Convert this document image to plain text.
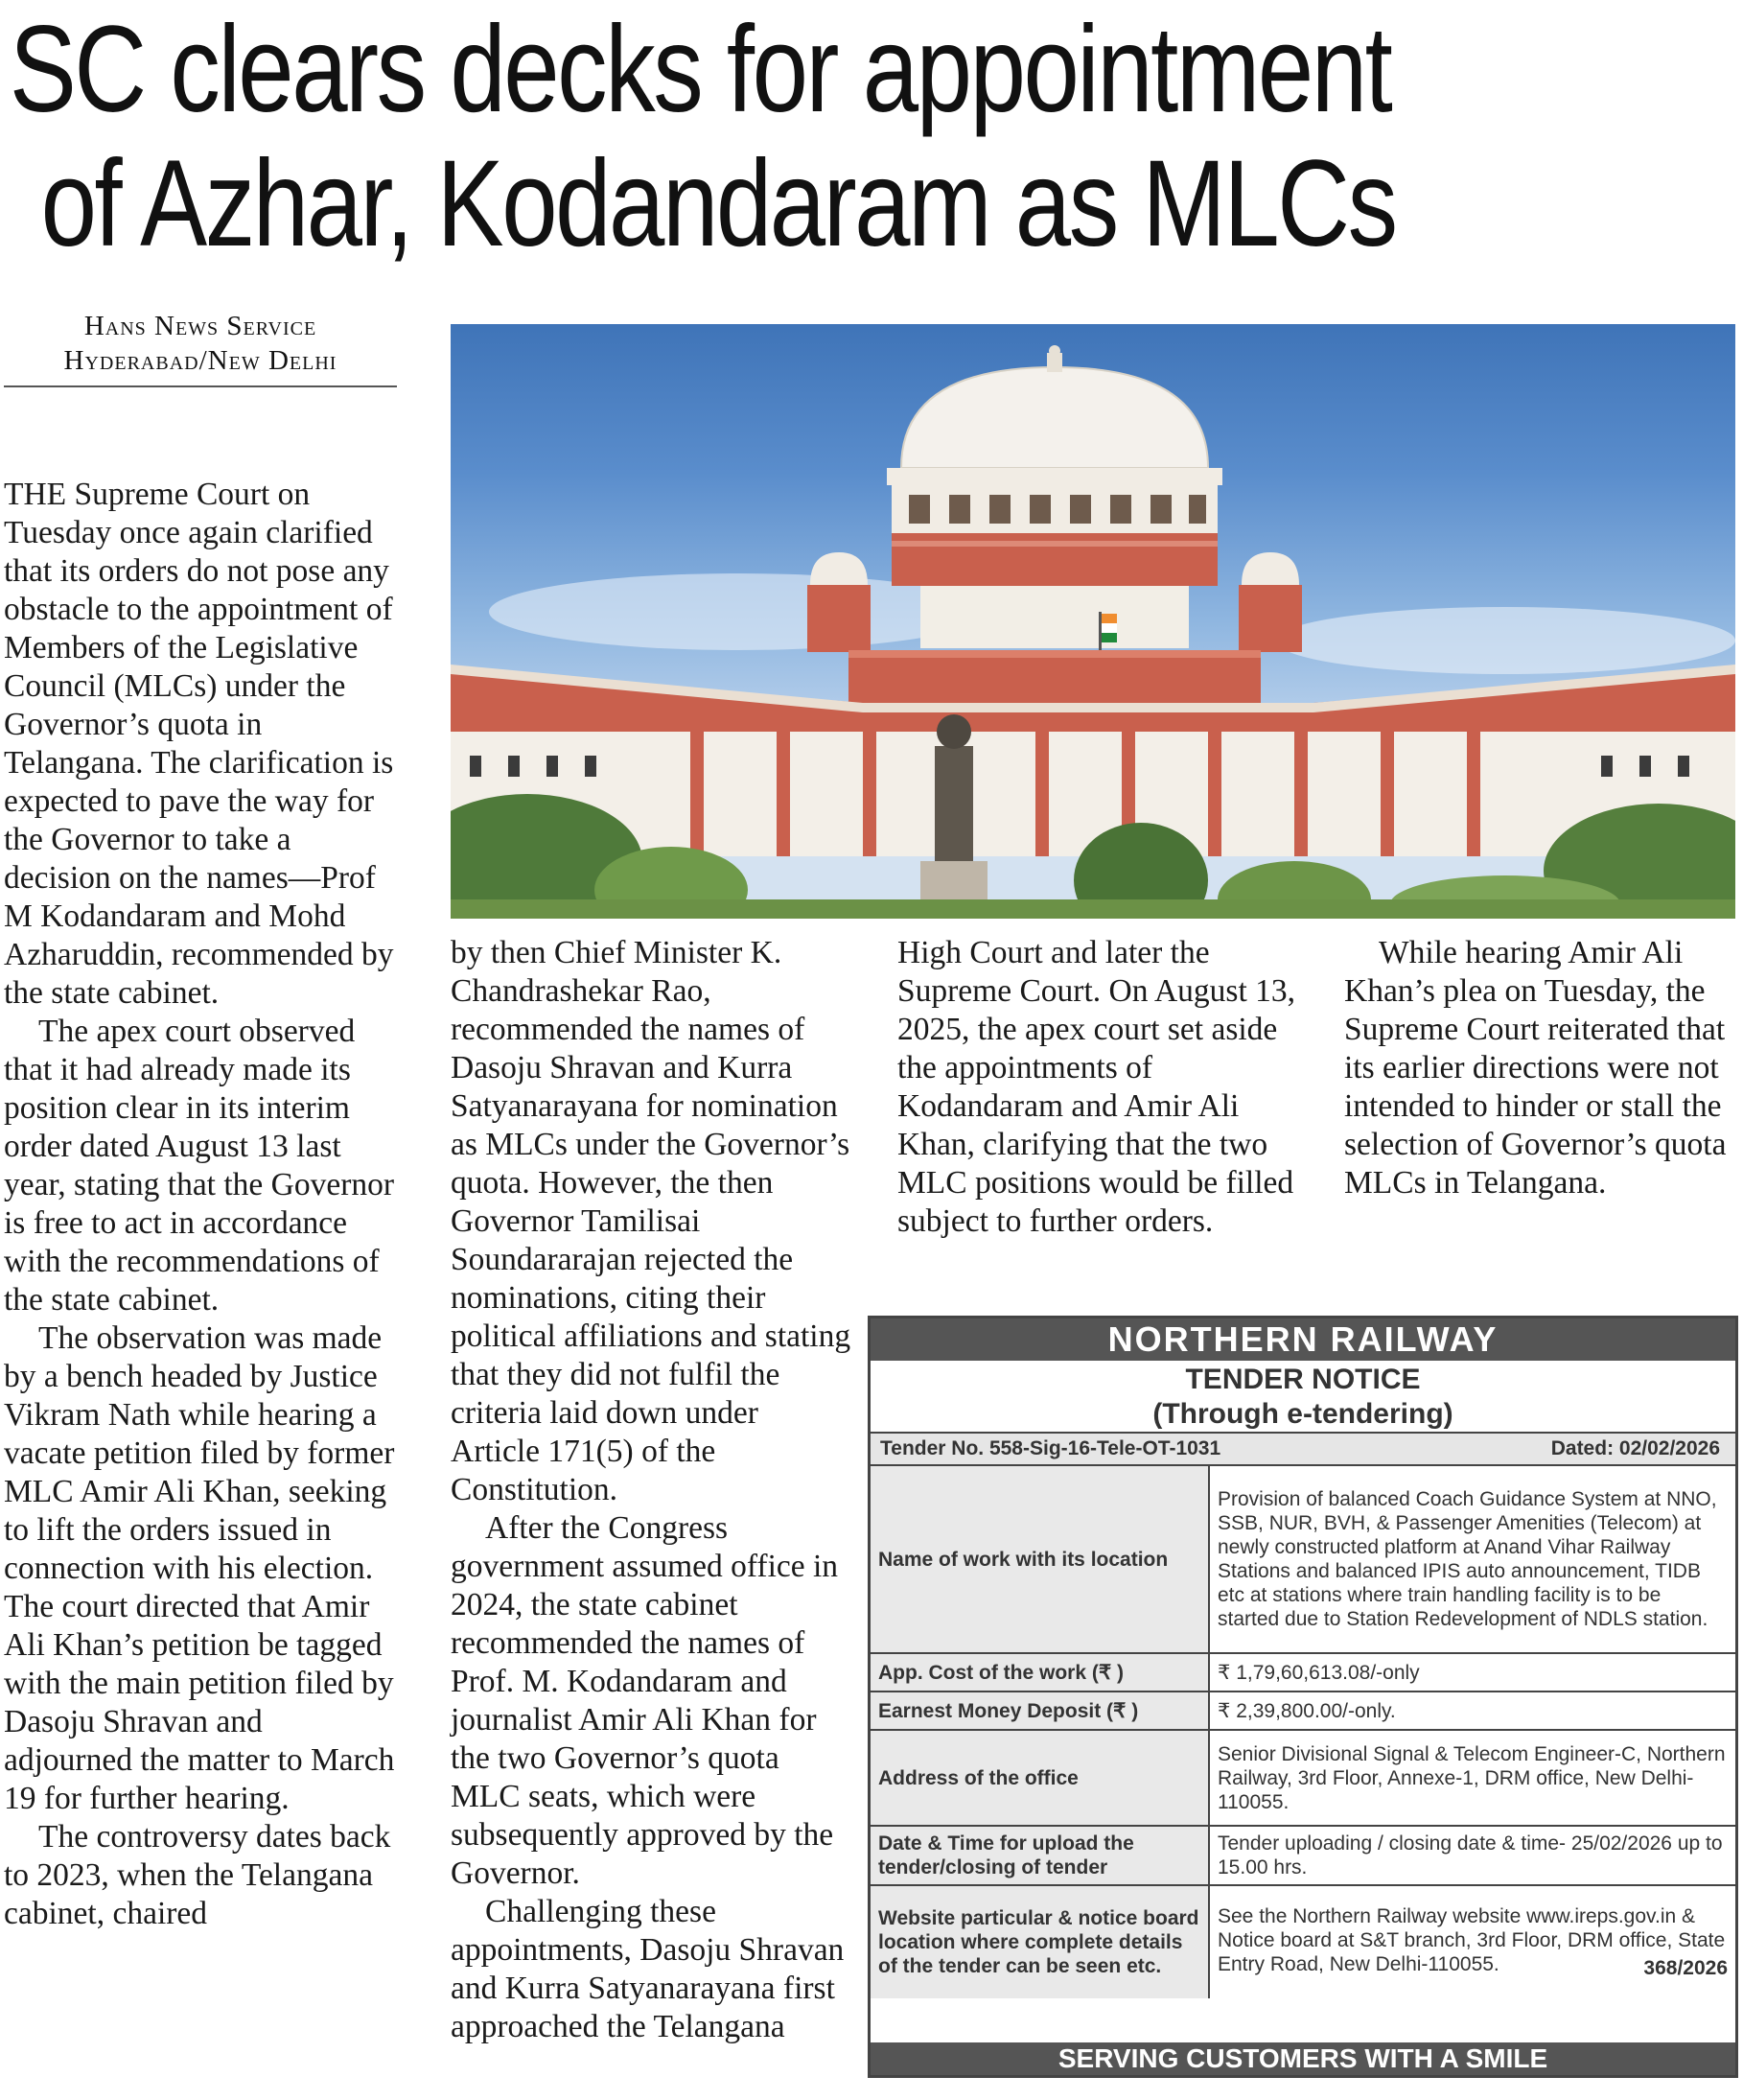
SC clears decks for appointment
of Azhar, Kodandaram as MLCs
Hans News Service
Hyderabad/New Delhi

THE Supreme Court on Tuesday once again clarified that its orders do not pose any obstacle to the appointment of Members of the Legislative Council (MLCs) under the Governor’s quota in Telangana. The clarification is expected to pave the way for the Governor to take a decision on the names—Prof M Kodandaram and Mohd Azharuddin, recommended by the state cabinet.

The apex court observed that it had already made its position clear in its interim order dated August 13 last year, stating that the Governor is free to act in accordance with the recommendations of the state cabinet.

The observation was made by a bench headed by Justice Vikram Nath while hearing a vacate petition filed by former MLC Amir Ali Khan, seeking to lift the orders issued in connection with his election. The court directed that Amir Ali Khan’s petition be tagged with the main petition filed by Dasoju Shravan and adjourned the matter to March 19 for further hearing.

The controversy dates back to 2023, when the Telangana cabinet, chaired

by then Chief Minister K. Chandrashekar Rao, recommended the names of Dasoju Shravan and Kurra Satyanarayana for nomination as MLCs under the Governor’s quota. However, the then Governor Tamilisai Soundararajan rejected the nominations, citing their political affiliations and stating that they did not fulfil the criteria laid down under Article 171(5) of the Constitution.

After the Congress government assumed office in 2024, the state cabinet recommended the names of Prof. M. Kodandaram and journalist Amir Ali Khan for the two Governor’s quota MLC seats, which were subsequently approved by the Governor.

Challenging these appointments, Dasoju Shravan and Kurra Satyanarayana first approached the Telangana

High Court and later the Supreme Court. On August 13, 2025, the apex court set aside the appointments of Kodandaram and Amir Ali Khan, clarifying that the two MLC positions would be filled subject to further orders.

While hearing Amir Ali Khan’s plea on Tuesday, the Supreme Court reiterated that its earlier directions were not intended to hinder or stall the selection of Governor’s quota MLCs in Telangana.

NORTHERN RAILWAY
TENDER NOTICE
(Through e-tendering)
Tender No. 558-Sig-16-Tele-OT-1031	Dated: 02/02/2026
Name of work with its location	Provision of balanced Coach Guidance System at NNO, SSB, NUR, BVH, & Passenger Amenities (Telecom) at newly constructed platform at Anand Vihar Railway Stations and balanced IPIS auto announcement, TIDB etc at stations where train handling facility is to be started due to Station Redevelopment of NDLS station.
App. Cost of the work (₹ )	₹ 1,79,60,613.08/-only
Earnest Money Deposit (₹ )	₹ 2,39,800.00/-only.
Address of the office	Senior Divisional Signal & Telecom Engineer-C, Northern Railway, 3rd Floor, Annexe-1, DRM office, New Delhi-110055.
Date & Time for upload the tender/closing of tender	Tender uploading / closing date & time- 25/02/2026 up to 15.00 hrs.
Website particular & notice board location where complete details of the tender can be seen etc.	See the Northern Railway website www.ireps.gov.in & Notice board at S&T branch, 3rd Floor, DRM office, State Entry Road, New Delhi-110055. 368/2026
SERVING CUSTOMERS WITH A SMILE
